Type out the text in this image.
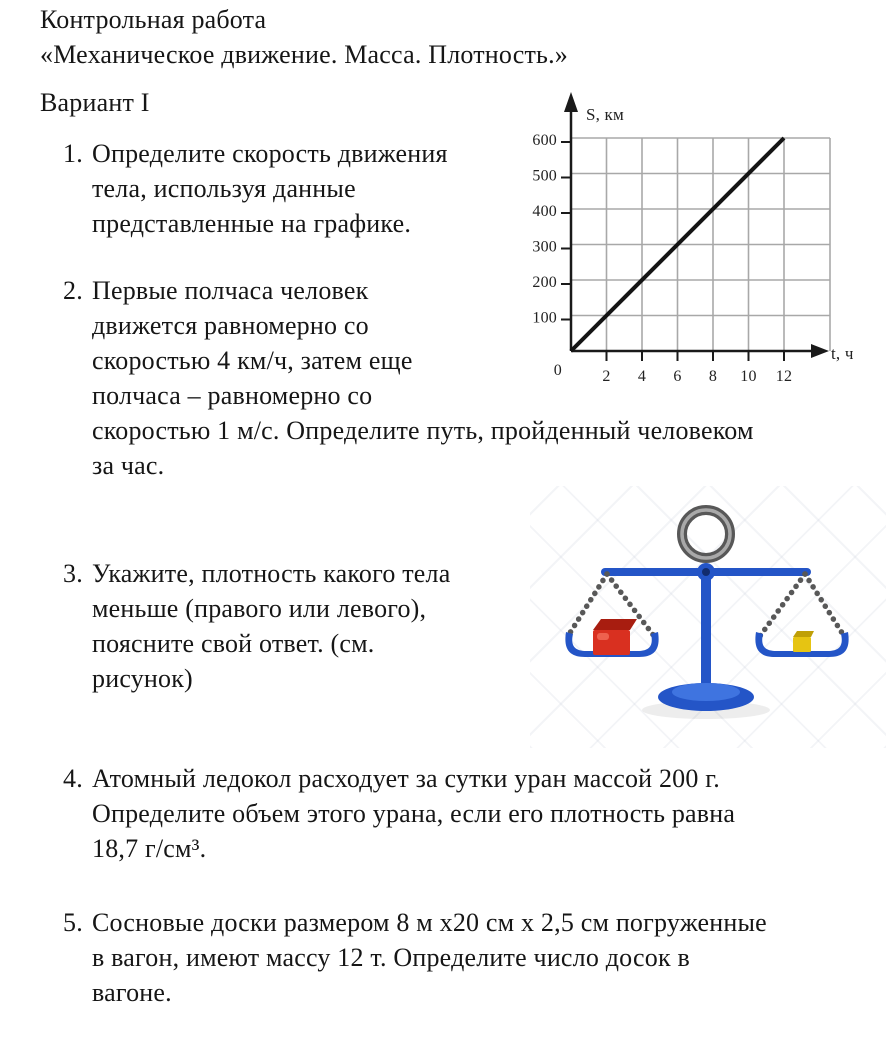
Контрольная работа
«Механическое движение. Масса. Плотность.»
Вариант I
1. Определите скорость движения
тела, используя данные
представленные на графике.
2. Первые полчаса человек
движется равномерно со
скоростью 4 км/ч, затем еще
полчаса – равномерно со
скоростью 1 м/с. Определите путь, пройденный человеком
за час.
3. Укажите, плотность какого тела
меньше (правого или левого),
поясните свой ответ. (см.
рисунок)
4. Атомный ледокол расходует за сутки уран массой 200 г.
Определите объем этого урана, если его плотность равна
18,7 г/см³.
5. Сосновые доски размером 8 м х20 см х 2,5 см погруженные
в вагон, имеют массу 12 т. Определите число досок в
вагоне.
100
200
300
400
500
600
2 4 6 8 10 12
0
S, км
t, ч
